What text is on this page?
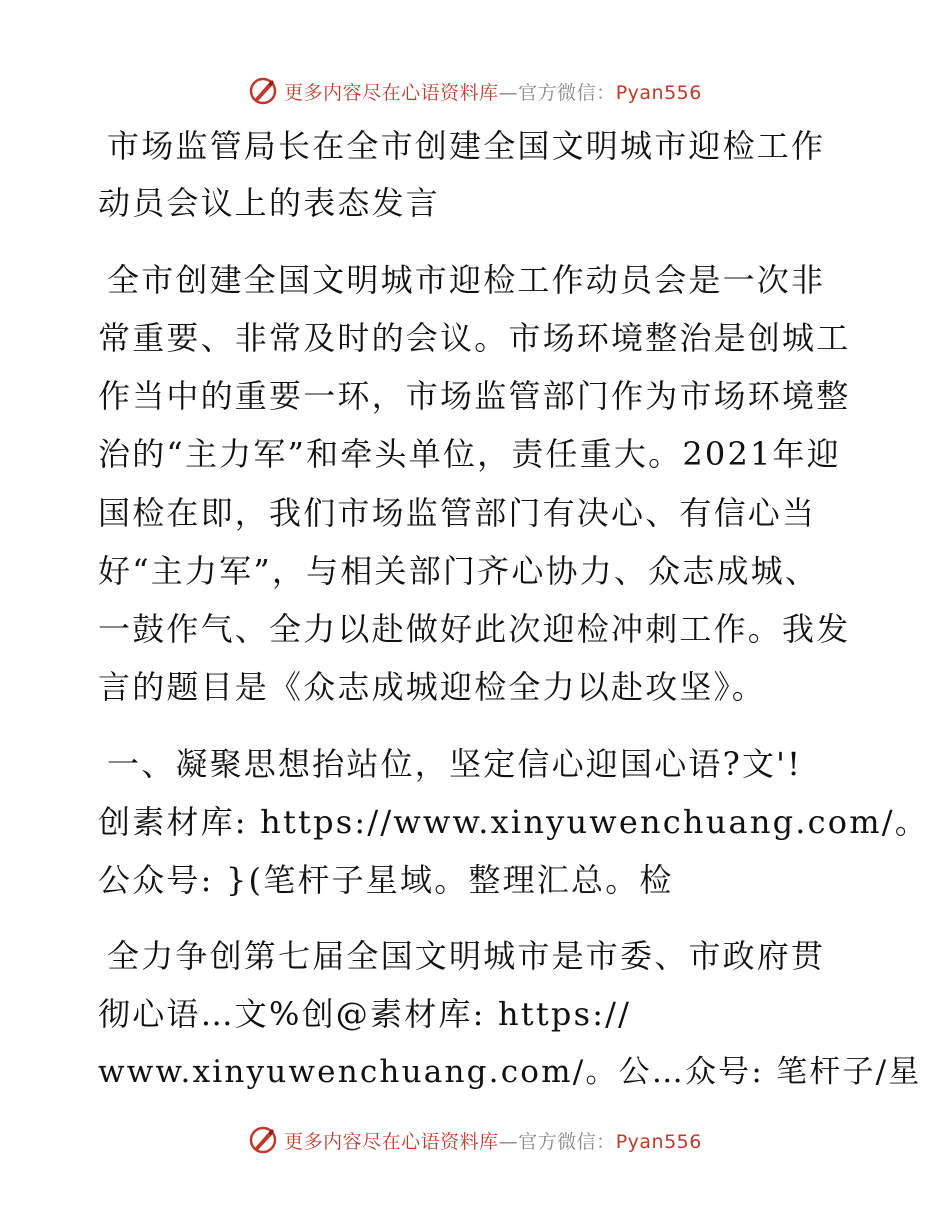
更多内容尽在心语资料库—官方微信：Pyan556
市场监管局长在全市创建全国文明城市迎检工作
动员会议上的表态发言
全市创建全国文明城市迎检工作动员会是一次非
常重要、非常及时的会议。市场环境整治是创城工
作当中的重要一环，市场监管部门作为市场环境整
治的“主力军”和牵头单位，责任重大。2021年迎
国检在即，我们市场监管部门有决心、有信心当
好“主力军”，与相关部门齐心协力、众志成城、
一鼓作气、全力以赴做好此次迎检冲刺工作。我发
言的题目是《众志成城迎检全力以赴攻坚》。
一、凝聚思想抬站位，坚定信心迎国心语?文'!
创素材库: https://www.xinyuwenchuang.com/。
公众号: }(笔杆子星域。整理汇总。检
全力争创第七届全国文明城市是市委、市政府贯
彻心语…文%创@素材库: https://
www.xinyuwenchuang.com/。公…众号: 笔杆子/星
更多内容尽在心语资料库—官方微信：Pyan556
